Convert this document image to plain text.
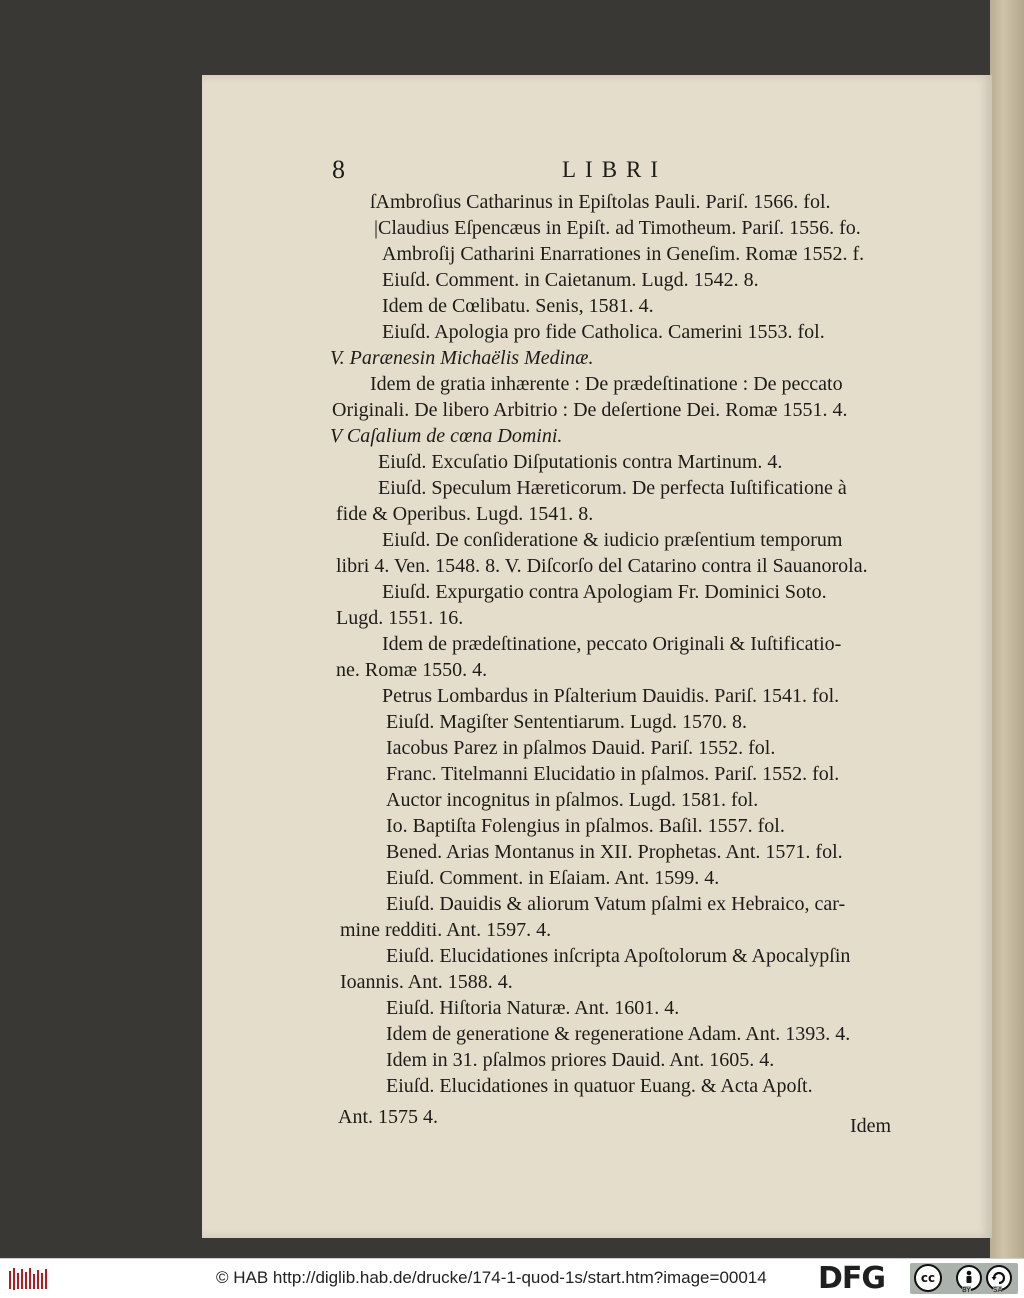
8	LIBRI
ſAmbroſius Catharinus in Epiſtolas Pauli. Pariſ. 1566. fol.
|Claudius Eſpencæus in Epiſt. ad Timotheum. Pariſ. 1556. fo.
Ambroſij Catharini Enarrationes in Geneſim. Romæ 1552. f.
Eiuſd. Comment. in Caietanum. Lugd. 1542. 8.
Idem de Cœlibatu. Senis, 1581. 4.
Eiuſd. Apologia pro fide Catholica. Camerini 1553. fol.
V. Parænesin Michaëlis Medinæ.
Idem de gratia inhærente : De prædeſtinatione : De peccato
Originali. De libero Arbitrio : De deſertione Dei. Romæ 1551. 4.
V Caſalium de cœna Domini.
Eiuſd. Excuſatio Diſputationis contra Martinum. 4.
Eiuſd. Speculum Hæreticorum. De perfecta Iuſtificatione à
fide & Operibus. Lugd. 1541. 8.
Eiuſd. De conſideratione & iudicio præſentium temporum
libri 4. Ven. 1548. 8. V. Diſcorſo del Catarino contra il Sauanorola.
Eiuſd. Expurgatio contra Apologiam Fr. Dominici Soto.
Lugd. 1551. 16.
Idem de prædeſtinatione, peccato Originali & Iuſtificatio-
ne. Romæ 1550. 4.
Petrus Lombardus in Pſalterium Dauidis. Pariſ. 1541. fol.
Eiuſd. Magiſter Sententiarum. Lugd. 1570. 8.
Iacobus Parez in pſalmos Dauid. Pariſ. 1552. fol.
Franc. Titelmanni Elucidatio in pſalmos. Pariſ. 1552. fol.
Auctor incognitus in pſalmos. Lugd. 1581. fol.
Io. Baptiſta Folengius in pſalmos. Baſil. 1557. fol.
Bened. Arias Montanus in XII. Prophetas. Ant. 1571. fol.
Eiuſd. Comment. in Eſaiam. Ant. 1599. 4.
Eiuſd. Dauidis & aliorum Vatum pſalmi ex Hebraico, car-
mine redditi. Ant. 1597. 4.
Eiuſd. Elucidationes inſcripta Apoſtolorum & Apocalypſin
Ioannis. Ant. 1588. 4.
Eiuſd. Hiſtoria Naturæ. Ant. 1601. 4.
Idem de generatione & regeneratione Adam. Ant. 1393. 4.
Idem in 31. pſalmos priores Dauid. Ant. 1605. 4.
Eiuſd. Elucidationes in quatuor Euang. & Acta Apoſt.
Ant. 1575 4.	Idem
© HAB http://diglib.hab.de/drucke/174-1-quod-1s/start.htm?image=00014 DFG	cc
BY	SA
